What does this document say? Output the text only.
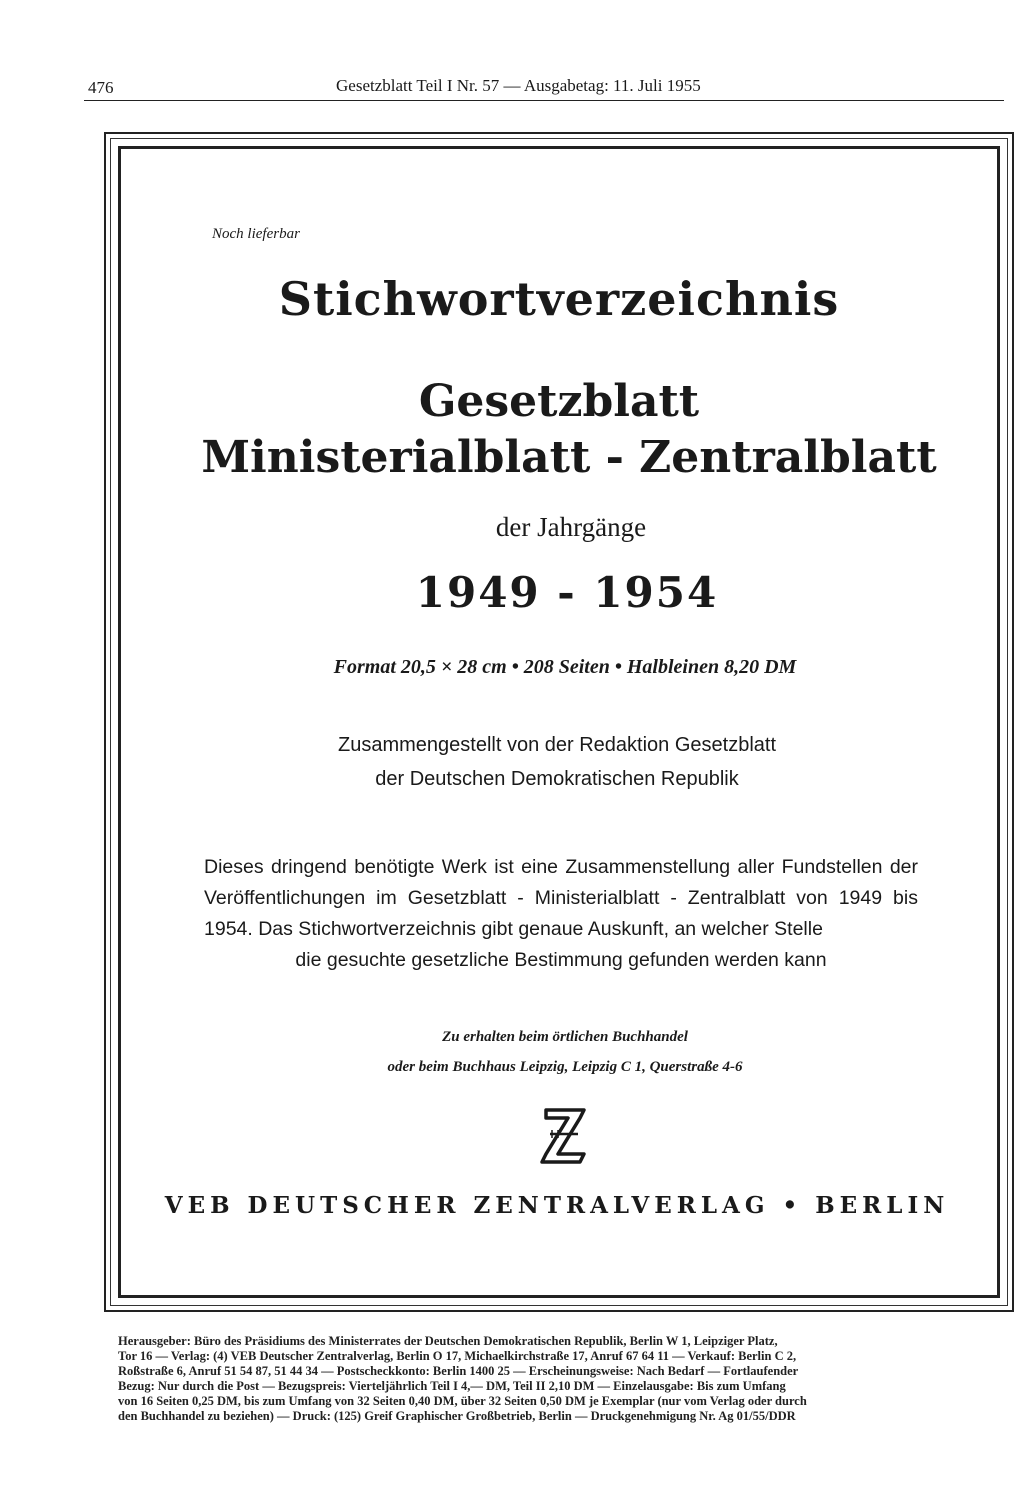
476	Gesetzblatt Teil I Nr. 57 — Ausgabetag: 11. Juli 1955
Noch lieferbar
Stichwortverzeichnis
Gesetzblatt
Ministerialblatt - Zentralblatt
der Jahrgänge
1949 - 1954
Format 20,5 × 28 cm • 208 Seiten • Halbleinen 8,20 DM
Zusammengestellt von der Redaktion Gesetzblatt
der Deutschen Demokratischen Republik
Dieses dringend benötigte Werk ist eine Zusammenstellung aller Fundstellen der Veröffentlichungen im Gesetzblatt - Ministerialblatt - Zentralblatt von 1949 bis 1954. Das Stichwortverzeichnis gibt genaue Auskunft, an welcher Stelle
die gesuchte gesetzliche Bestimmung gefunden werden kann
Zu erhalten beim örtlichen Buchhandel
oder beim Buchhaus Leipzig, Leipzig C 1, Querstraße 4-6
VEB DEUTSCHER ZENTRALVERLAG • BERLIN
Herausgeber: Büro des Präsidiums des Ministerrates der Deutschen Demokratischen Republik, Berlin W 1, Leipziger Platz,
Tor 16 — Verlag: (4) VEB Deutscher Zentralverlag, Berlin O 17, Michaelkirchstraße 17, Anruf 67 64 11 — Verkauf: Berlin C 2,
Roßstraße 6, Anruf 51 54 87, 51 44 34 — Postscheckkonto: Berlin 1400 25 — Erscheinungsweise: Nach Bedarf — Fortlaufender
Bezug: Nur durch die Post — Bezugspreis: Vierteljährlich Teil I 4,— DM, Teil II 2,10 DM — Einzelausgabe: Bis zum Umfang
von 16 Seiten 0,25 DM, bis zum Umfang von 32 Seiten 0,40 DM, über 32 Seiten 0,50 DM je Exemplar (nur vom Verlag oder durch
den Buchhandel zu beziehen) — Druck: (125) Greif Graphischer Großbetrieb, Berlin — Druckgenehmigung Nr. Ag 01/55/DDR
